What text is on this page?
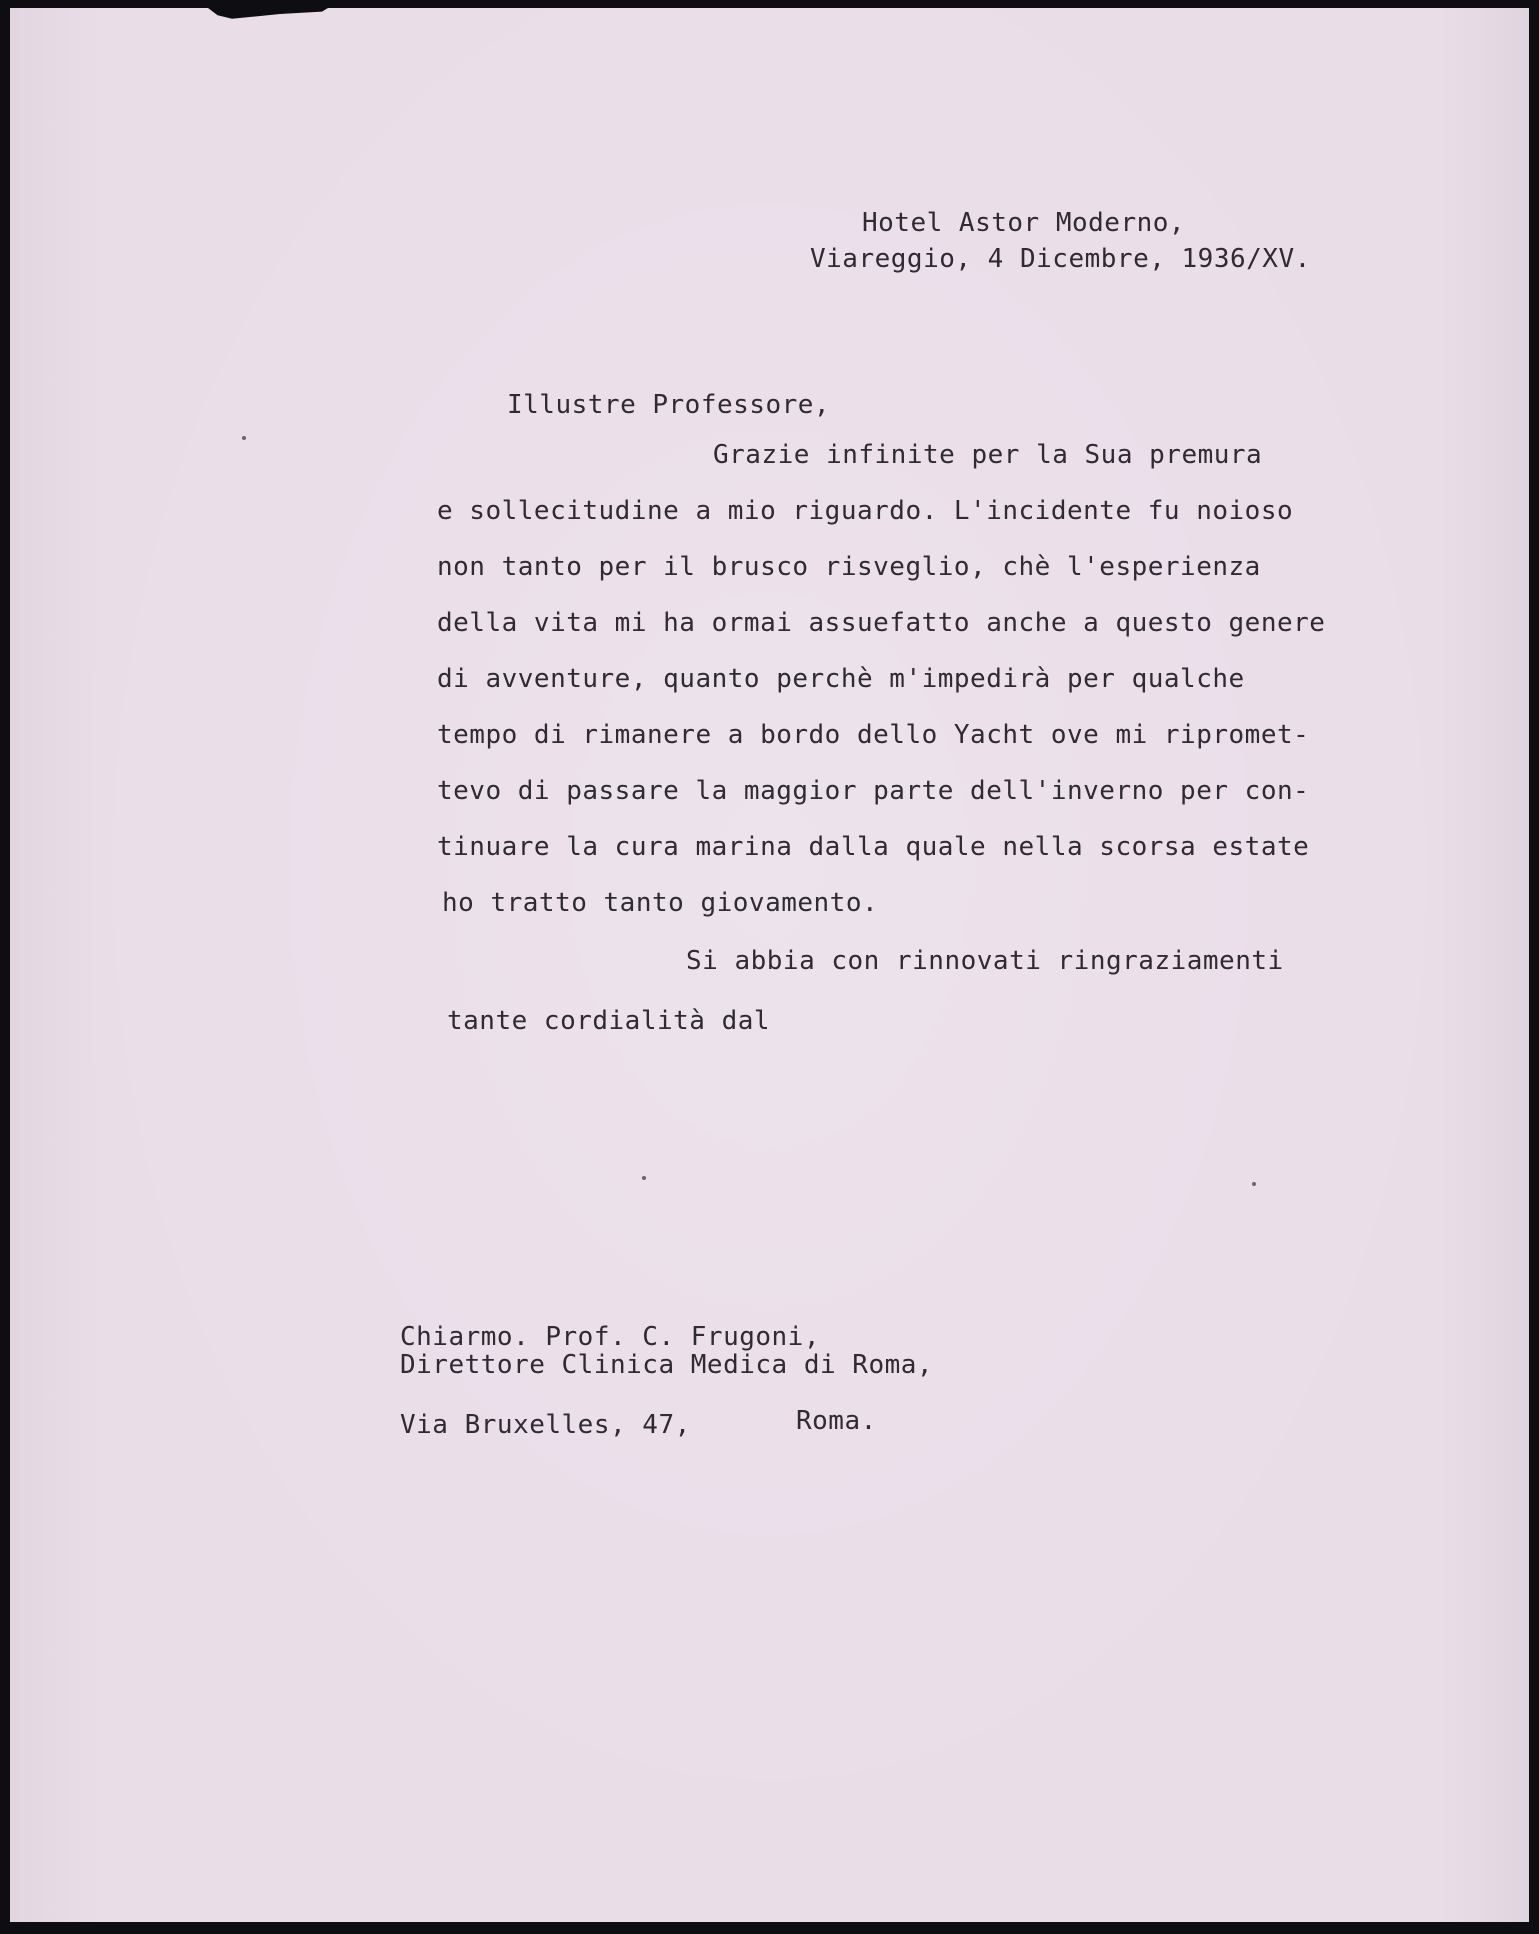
Hotel Astor Moderno,
Viareggio, 4 Dicembre, 1936/XV.
Illustre Professore,
Grazie infinite per la Sua premura
e sollecitudine a mio riguardo. L'incidente fu noioso
non tanto per il brusco risveglio, chè l'esperienza
della vita mi ha ormai assuefatto anche a questo genere
di avventure, quanto perchè m'impedirà per qualche
tempo di rimanere a bordo dello Yacht ove mi ripromet-
tevo di passare la maggior parte dell'inverno per con-
tinuare la cura marina dalla quale nella scorsa estate
ho tratto tanto giovamento.
Si abbia con rinnovati ringraziamenti
tante cordialità dal
Chiarmo. Prof. C. Frugoni,
Direttore Clinica Medica di Roma,
Via Bruxelles, 47,	Roma.
